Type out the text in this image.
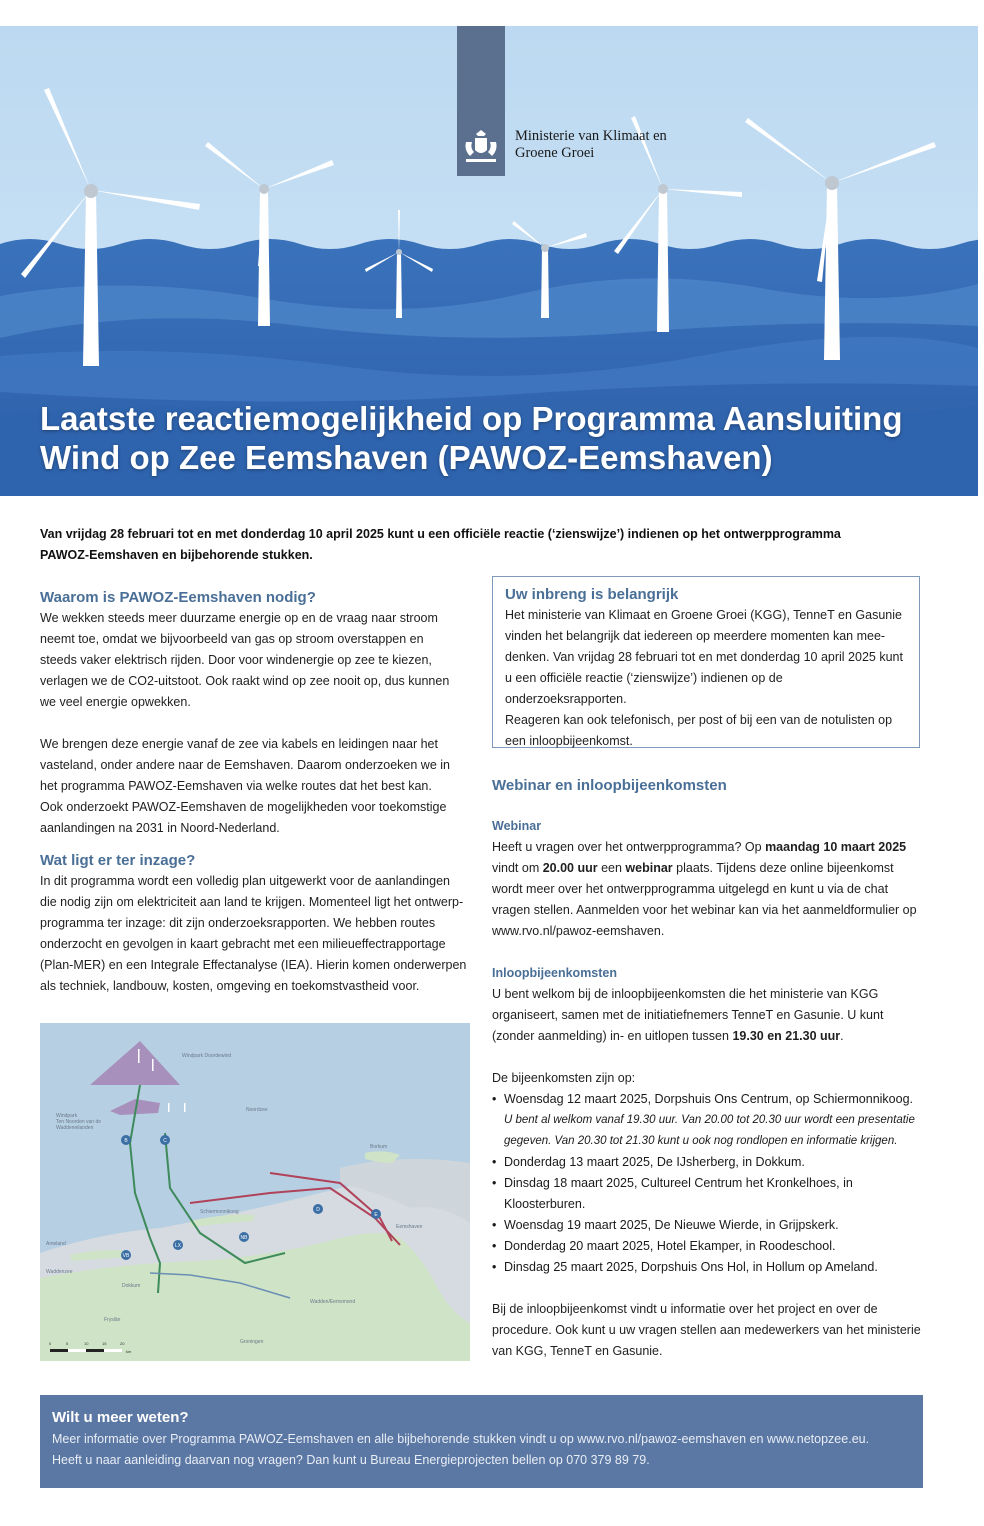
Ministerie van Klimaat en
Groene Groei
Laatste reactiemogelijkheid op Programma Aansluiting
Wind op Zee Eemshaven (PAWOZ-Eemshaven)
Van vrijdag 28 februari tot en met donderdag 10 april 2025 kunt u een officiële reactie (‘zienswijze’) indienen op het ontwerpprogramma
PAWOZ-Eemshaven en bijbehorende stukken.
Waarom is PAWOZ-Eemshaven nodig?

We wekken steeds meer duurzame energie op en de vraag naar stroom

neemt toe, omdat we bijvoorbeeld van gas op stroom overstappen en

steeds vaker elektrisch rijden. Door voor windenergie op zee te kiezen,

verlagen we de CO2-uitstoot. Ook raakt wind op zee nooit op, dus kunnen

we veel energie opwekken.

We brengen deze energie vanaf de zee via kabels en leidingen naar het

vasteland, onder andere naar de Eemshaven. Daarom onderzoeken we in

het programma PAWOZ-Eemshaven via welke routes dat het best kan.

Ook onderzoekt PAWOZ-Eemshaven de mogelijkheden voor toekomstige

aanlandingen na 2031 in Noord-Nederland.

Wat ligt er ter inzage?

In dit programma wordt een volledig plan uitgewerkt voor de aanlandingen

die nodig zijn om elektriciteit aan land te krijgen. Momenteel ligt het ontwerp-

programma ter inzage: dit zijn onderzoeksrapporten. We hebben routes

onderzocht en gevolgen in kaart gebracht met een milieueffectrapportage

(Plan-MER) en een Integrale Effectanalyse (IEA). Hierin komen onderwerpen

als techniek, landbouw, kosten, omgeving en toekomstvastheid voor.

B	C
D
E
VB
LX
NB
Windpark Doordewind
Windpark
Ten Noorden van de
Waddeneilanden
Noordzee
Borkum
Eemshaven
Schiermonnikoog
Ameland
Groningen
Fryslân
Waddenzee
Dokkum
Wadden/Eemsmond
0	5	10	15	20
km
Uw inbreng is belangrijk

Het ministerie van Klimaat en Groene Groei (KGG), TenneT en Gasunie

vinden het belangrijk dat iedereen op meerdere momenten kan mee-

denken. Van vrijdag 28 februari tot en met donderdag 10 april 2025 kunt

u een officiële reactie (‘zienswijze’) indienen op de onderzoeksrapporten.

Reageren kan ook telefonisch, per post of bij een van de notulisten op

een inloopbijeenkomst.

Webinar en inloopbijeenkomsten
Webinar

Heeft u vragen over het ontwerpprogramma? Op maandag 10 maart 2025

vindt om 20.00 uur een webinar plaats. Tijdens deze online bijeenkomst

wordt meer over het ontwerpprogramma uitgelegd en kunt u via de chat

vragen stellen. Aanmelden voor het webinar kan via het aanmeldformulier op

www.rvo.nl/pawoz-eemshaven.

Inloopbijeenkomsten

U bent welkom bij de inloopbijeenkomsten die het ministerie van KGG

organiseert, samen met de initiatiefnemers TenneT en Gasunie. U kunt

(zonder aanmelding) in- en uitlopen tussen 19.30 en 21.30 uur.

De bijeenkomsten zijn op:

• Woensdag 12 maart 2025, Dorpshuis Ons Centrum, op Schiermonnikoog.
U bent al welkom vanaf 19.30 uur. Van 20.00 tot 20.30 uur wordt een presentatie
gegeven. Van 20.30 tot 21.30 kunt u ook nog rondlopen en informatie krijgen.
• Donderdag 13 maart 2025, De IJsherberg, in Dokkum.
• Dinsdag 18 maart 2025, Cultureel Centrum het Kronkelhoes, in
Kloosterburen.
• Woensdag 19 maart 2025, De Nieuwe Wierde, in Grijpskerk.
• Donderdag 20 maart 2025, Hotel Ekamper, in Roodeschool.
• Dinsdag 25 maart 2025, Dorpshuis Ons Hol, in Hollum op Ameland.

Bij de inloopbijeenkomst vindt u informatie over het project en over de

procedure. Ook kunt u uw vragen stellen aan medewerkers van het ministerie

van KGG, TenneT en Gasunie.

Wilt u meer weten?

Meer informatie over Programma PAWOZ-Eemshaven en alle bijbehorende stukken vindt u op www.rvo.nl/pawoz-eemshaven en www.netopzee.eu.

Heeft u naar aanleiding daarvan nog vragen? Dan kunt u Bureau Energieprojecten bellen op 070 379 89 79.
